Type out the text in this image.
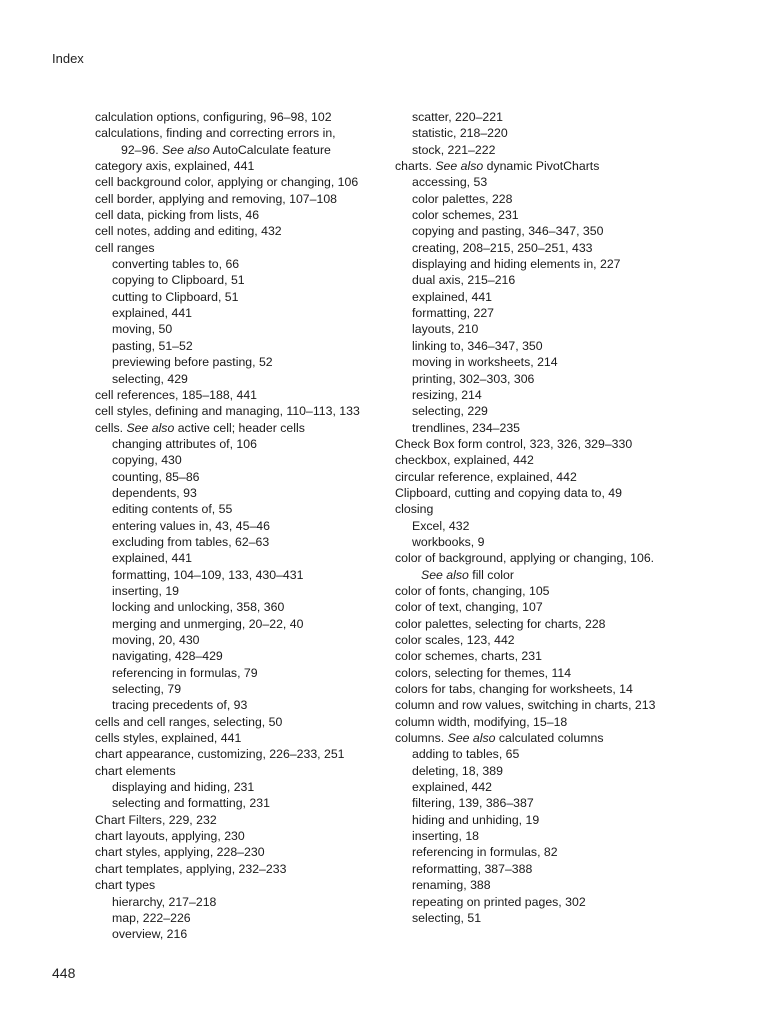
Index
calculation options, configuring, 96–98, 102
calculations, finding and correcting errors in,
92–96. See also AutoCalculate feature
category axis, explained, 441
cell background color, applying or changing, 106
cell border, applying and removing, 107–108
cell data, picking from lists, 46
cell notes, adding and editing, 432
cell ranges
converting tables to, 66
copying to Clipboard, 51
cutting to Clipboard, 51
explained, 441
moving, 50
pasting, 51–52
previewing before pasting, 52
selecting, 429
cell references, 185–188, 441
cell styles, defining and managing, 110–113, 133
cells. See also active cell; header cells
changing attributes of, 106
copying, 430
counting, 85–86
dependents, 93
editing contents of, 55
entering values in, 43, 45–46
excluding from tables, 62–63
explained, 441
formatting, 104–109, 133, 430–431
inserting, 19
locking and unlocking, 358, 360
merging and unmerging, 20–22, 40
moving, 20, 430
navigating, 428–429
referencing in formulas, 79
selecting, 79
tracing precedents of, 93
cells and cell ranges, selecting, 50
cells styles, explained, 441
chart appearance, customizing, 226–233, 251
chart elements
displaying and hiding, 231
selecting and formatting, 231
Chart Filters, 229, 232
chart layouts, applying, 230
chart styles, applying, 228–230
chart templates, applying, 232–233
chart types
hierarchy, 217–218
map, 222–226
overview, 216
scatter, 220–221
statistic, 218–220
stock, 221–222
charts. See also dynamic PivotCharts
accessing, 53
color palettes, 228
color schemes, 231
copying and pasting, 346–347, 350
creating, 208–215, 250–251, 433
displaying and hiding elements in, 227
dual axis, 215–216
explained, 441
formatting, 227
layouts, 210
linking to, 346–347, 350
moving in worksheets, 214
printing, 302–303, 306
resizing, 214
selecting, 229
trendlines, 234–235
Check Box form control, 323, 326, 329–330
checkbox, explained, 442
circular reference, explained, 442
Clipboard, cutting and copying data to, 49
closing
Excel, 432
workbooks, 9
color of background, applying or changing, 106.
See also fill color
color of fonts, changing, 105
color of text, changing, 107
color palettes, selecting for charts, 228
color scales, 123, 442
color schemes, charts, 231
colors, selecting for themes, 114
colors for tabs, changing for worksheets, 14
column and row values, switching in charts, 213
column width, modifying, 15–18
columns. See also calculated columns
adding to tables, 65
deleting, 18, 389
explained, 442
filtering, 139, 386–387
hiding and unhiding, 19
inserting, 18
referencing in formulas, 82
reformatting, 387–388
renaming, 388
repeating on printed pages, 302
selecting, 51
448
